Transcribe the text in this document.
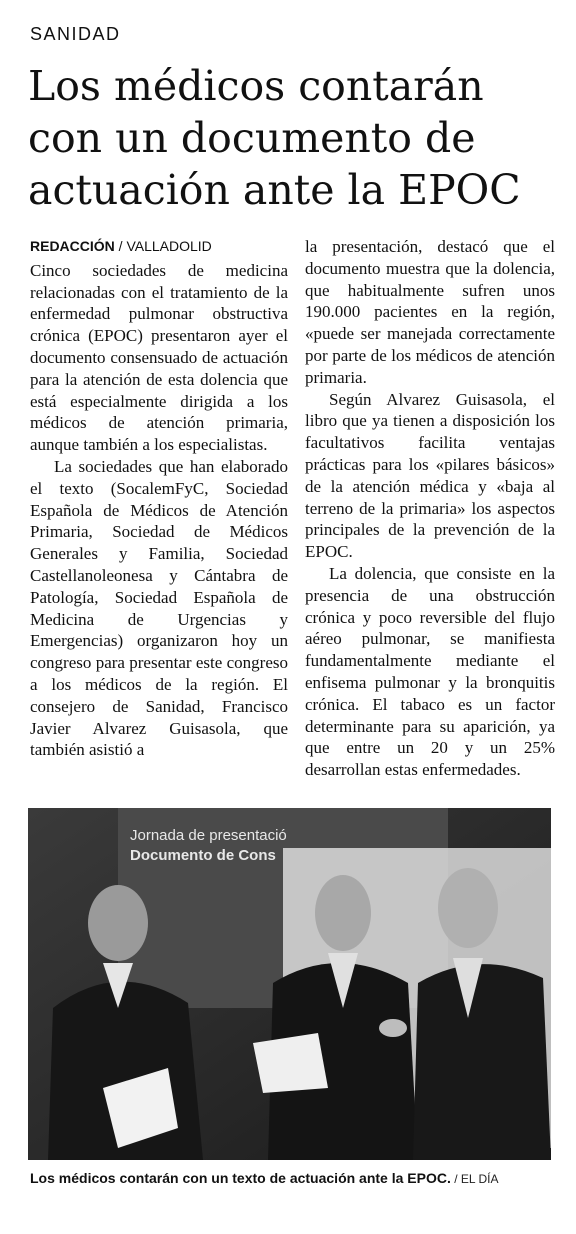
SANIDAD
Los médicos contarán con un documento de actuación ante la EPOC
REDACCIÓN / VALLADOLID

Cinco sociedades de medicina relacionadas con el tratamiento de la enfermedad pulmonar obstructiva crónica (EPOC) presentaron ayer el documento consensuado de actuación para la atención de esta dolencia que está especialmente dirigida a los médicos de atención primaria, aunque también a los especialistas.

La sociedades que han elaborado el texto (SocalemFyC, Sociedad Española de Médicos de Atención Primaria, Sociedad de Médicos Generales y Familia, Sociedad Castellanoleonesa y Cántabra de Patología, Sociedad Española de Medicina de Urgencias y Emergencias) organizaron hoy un congreso para presentar este congreso a los médicos de la región. El consejero de Sanidad, Francisco Javier Alvarez Guisasola, que también asistió a

la presentación, destacó que el documento muestra que la dolencia, que habitualmente sufren unos 190.000 pacientes en la región, «puede ser manejada correctamente por parte de los médicos de atención primaria.

Según Alvarez Guisasola, el libro que ya tienen a disposición los facultativos facilita ventajas prácticas para los «pilares básicos» de la atención médica y «baja al terreno de la primaria» los aspectos principales de la prevención de la EPOC.

La dolencia, que consiste en la presencia de una obstrucción crónica y poco reversible del flujo aéreo pulmonar, se manifiesta fundamentalmente mediante el enfisema pulmonar y la bronquitis crónica. El tabaco es un factor determinante para su aparición, ya que entre un 20 y un 25% desarrollan estas enfermedades.

Jornada de presentació
Documento de Cons
Los médicos contarán con un texto de actuación ante la EPOC. / EL DÍA
